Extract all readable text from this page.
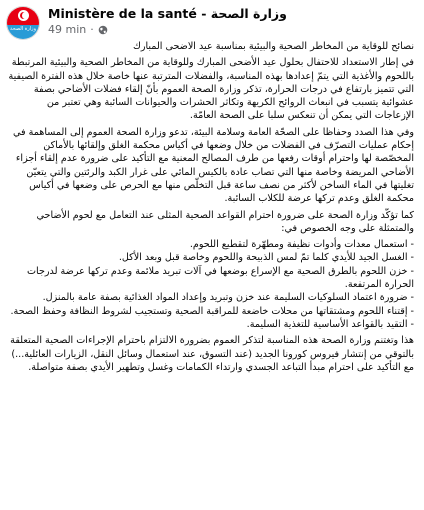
وزارة الصحة
Ministère de la santé - وزارة الصحة
49 min ·

نصائح للوقاية من المخاطر الصحية والبيئية بمناسبة عيد الاضحى المبارك

في إطار الاستعداد للاحتفال بحلول عيد الأضحى المبارك وللوقاية من المخاطر الصحية والبيئية المرتبطة باللحوم والأغذية التي يتمّ إعدادها بهذه المناسبة، والفضلات المترتبة عنها خاصة خلال هذه الفترة الصيفية التي تتميز بارتفاع في درجات الحرارة، تذكر وزارة الصحة العموم بأنّ إلقاء فضلات الأضاحي بصفة عشوائية يتسبب في انبعاث الروائح الكريهة وتكاثر الحشرات والحيوانات السائبة وهي تعتبر من الإزعاجات التي يمكن أن تنعكس سلبا على الصحة العامّة.

وفي هذا الصدد وحفاظا على الصحّة العامة وسلامة البيئة، تدعو وزارة الصحة العموم إلى المساهمة في إحكام عمليات التصرّف في الفضلات من خلال وضعها في أكياس محكمة الغلق وإلقائها بالأماكن المخصّصة لها واحترام أوقات رفعها من طرف المصالح المعنية مع التأكيد على ضرورة عدم إلقاء أجزاء الأضاحي المريضة وخاصة منها التي تصاب عادة بالكيس المائي على غرار الكبد والرئتين والتي يتعيّن تغليتها في الماء الساخن لأكثر من نصف ساعة قبل التخلّص منها مع الحرص على وضعها في أكياس محكمة الغلق وعدم تركها عرضة للكلاب السائبة.

كما تؤكّد وزارة الصحة على ضرورة احترام القواعد الصحية المثلى عند التعامل مع لحوم الأضاحي والمتمثلة على وجه الخصوص في:

- استعمال معدات وأدوات نظيفة ومطهّرة لتقطيع اللحوم.
- الغسل الجيد للأيدي كلما تمّ لمس الذبيحة واللحوم وخاصة قبل وبعد الأكل.
- خزن اللحوم بالطرق الصحية مع الإسراع بوضعها في آلات تبريد ملائمة وعدم تركها عرضة لدرجات الحرارة المرتفعة.
- ضرورة اعتماد السلوكيات السليمة عند خزن وتبريد وإعداد المواد الغذائية بصفة عامة بالمنزل.
- إقتناء اللحوم ومشتقاتها من محلات خاضعة للمراقبة الصحية وتستجيب لشروط النظافة وحفظ الصحة.
- التقيد بالقواعد الأساسية للتغذية السليمة.

هذا وتغتنم وزارة الصحة هذه المناسبة لتذكر العموم بضرورة الالتزام باحترام الإجراءات الصحية المتعلقة بالتوقي من إنتشار فيروس كورونا الجديد (عند التسوق، عند استعمال وسائل النقل، الزيارات العائلية...) مع التأكيد على احترام مبدأ التباعد الجسدي وارتداء الكمامات وغسل وتطهير الأيدي بصفة متواصلة.
